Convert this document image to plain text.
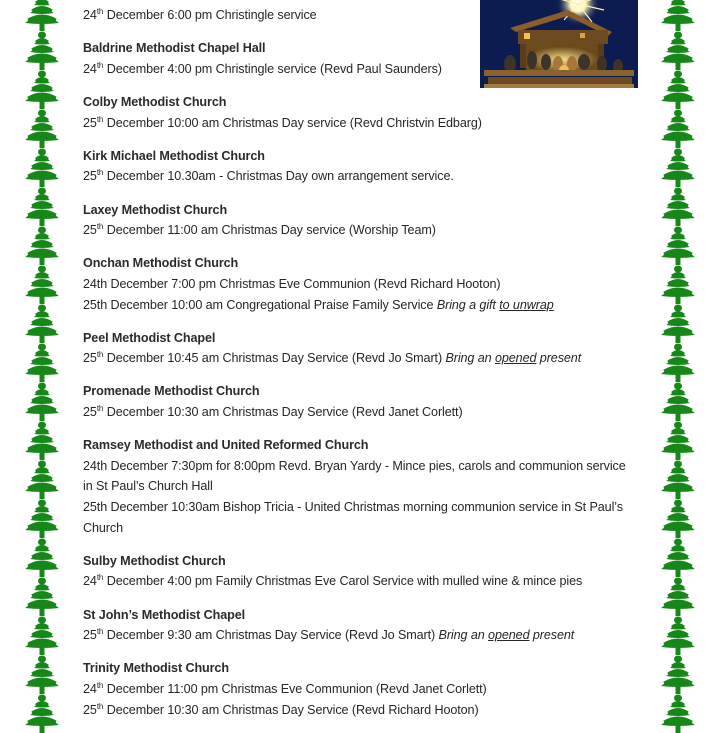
24th December 6:00 pm Christingle service
Baldrine Methodist Chapel Hall
24th December 4:00 pm Christingle service (Revd Paul Saunders)
Colby Methodist Church
25th December 10:00 am Christmas Day service (Revd Christvin Edbarg)
Kirk Michael Methodist Church
25th December 10.30am - Christmas Day own arrangement service.
Laxey Methodist Church
25th December 11:00 am Christmas Day service (Worship Team)
Onchan Methodist Church
24th December 7:00 pm Christmas Eve Communion (Revd Richard Hooton)
25th December 10:00 am Congregational Praise Family Service Bring a gift to unwrap
Peel Methodist Chapel
25th December 10:45 am Christmas Day Service (Revd Jo Smart) Bring an opened present
Promenade Methodist Church
25th December 10:30 am Christmas Day Service (Revd Janet Corlett)
Ramsey Methodist and United Reformed Church
24th December 7:30pm for 8:00pm Revd. Bryan Yardy - Mince pies, carols and communion service in St Paul’s Church Hall
25th December 10:30am Bishop Tricia - United Christmas morning communion service in St Paul’s Church
Sulby Methodist Church
24th December 4:00 pm Family Christmas Eve Carol Service with mulled wine & mince pies
St John’s Methodist Chapel
25th December 9:30 am Christmas Day Service (Revd Jo Smart) Bring an opened present
Trinity Methodist Church
24th December 11:00 pm Christmas Eve Communion (Revd Janet Corlett)
25th December 10:30 am Christmas Day Service (Revd Richard Hooton)
